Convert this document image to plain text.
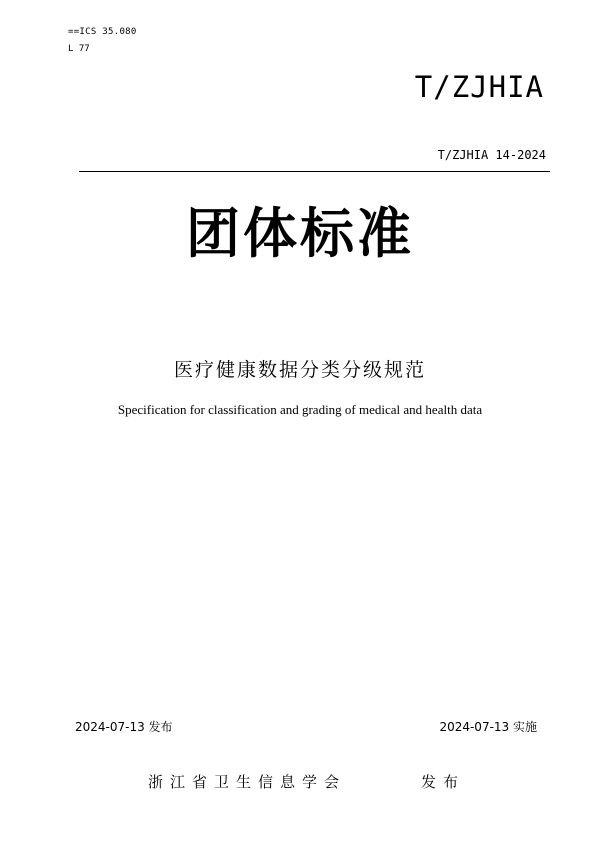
==ICS 35.080
L 77
T/ZJHIA
T/ZJHIA 14-2024
团体标准
医疗健康数据分类分级规范
Specification for classification and grading of medical and health data
2024-07-13 发布	2024-07-13 实施
浙江省卫生信息学会	发布
